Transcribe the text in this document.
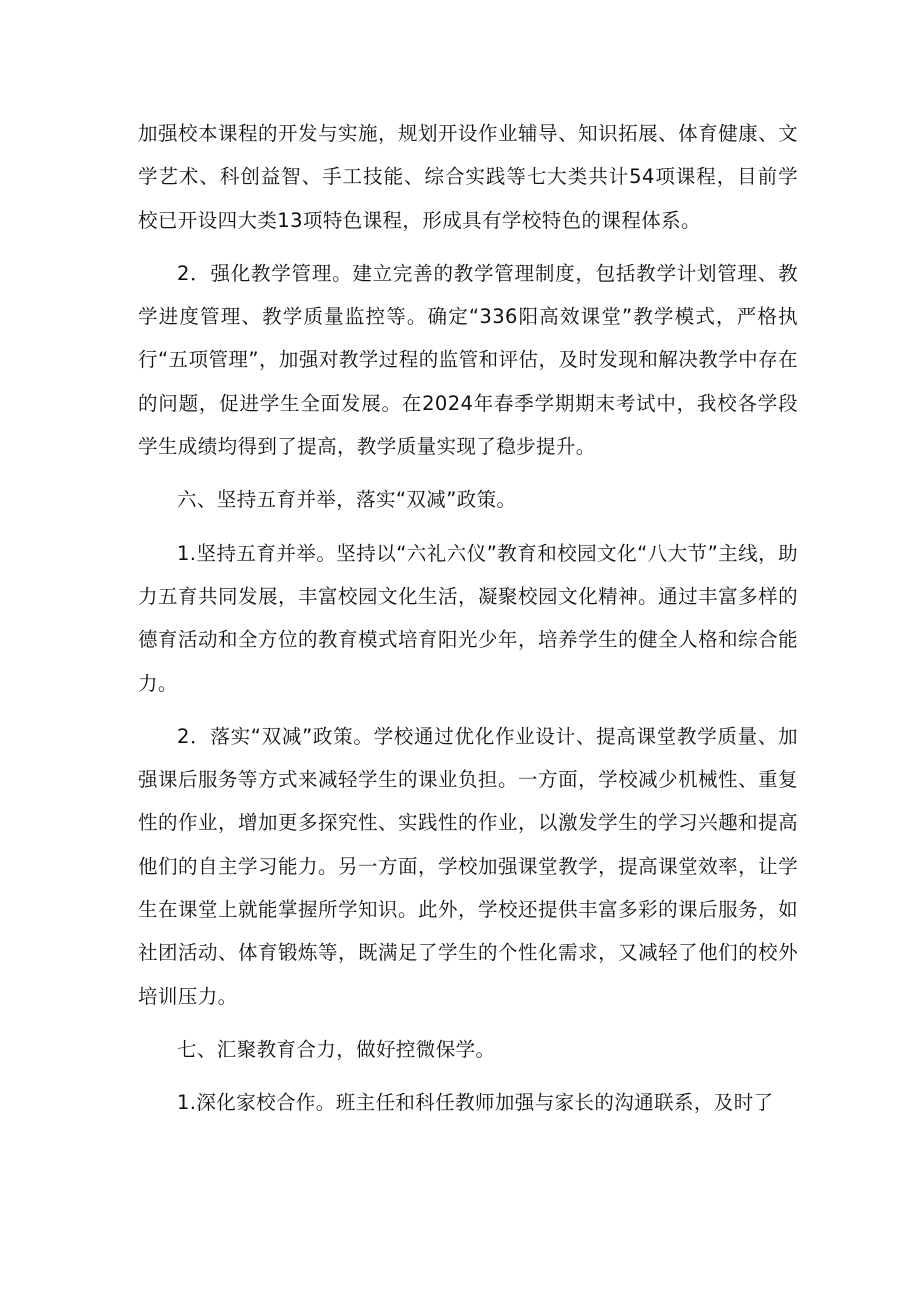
加强校本课程的开发与实施，规划开设作业辅导、知识拓展、体育健康、文学艺术、科创益智、手工技能、综合实践等七大类共计54项课程，目前学校已开设四大类13项特色课程，形成具有学校特色的课程体系。

2．强化教学管理。建立完善的教学管理制度，包括教学计划管理、教学进度管理、教学质量监控等。确定“336阳高效课堂”教学模式，严格执行“五项管理”，加强对教学过程的监管和评估，及时发现和解决教学中存在的问题，促进学生全面发展。在2024年春季学期期末考试中，我校各学段学生成绩均得到了提高，教学质量实现了稳步提升。

六、坚持五育并举，落实“双减”政策。

1.坚持五育并举。坚持以“六礼六仪”教育和校园文化“八大节”主线，助力五育共同发展，丰富校园文化生活，凝聚校园文化精神。通过丰富多样的德育活动和全方位的教育模式培育阳光少年，培养学生的健全人格和综合能力。

2．落实“双减”政策。学校通过优化作业设计、提高课堂教学质量、加强课后服务等方式来减轻学生的课业负担。一方面，学校减少机械性、重复性的作业，增加更多探究性、实践性的作业，以激发学生的学习兴趣和提高他们的自主学习能力。另一方面，学校加强课堂教学，提高课堂效率，让学生在课堂上就能掌握所学知识。此外，学校还提供丰富多彩的课后服务，如社团活动、体育锻炼等，既满足了学生的个性化需求，又减轻了他们的校外培训压力。

七、汇聚教育合力，做好控微保学。

1.深化家校合作。班主任和科任教师加强与家长的沟通联系，及时了
